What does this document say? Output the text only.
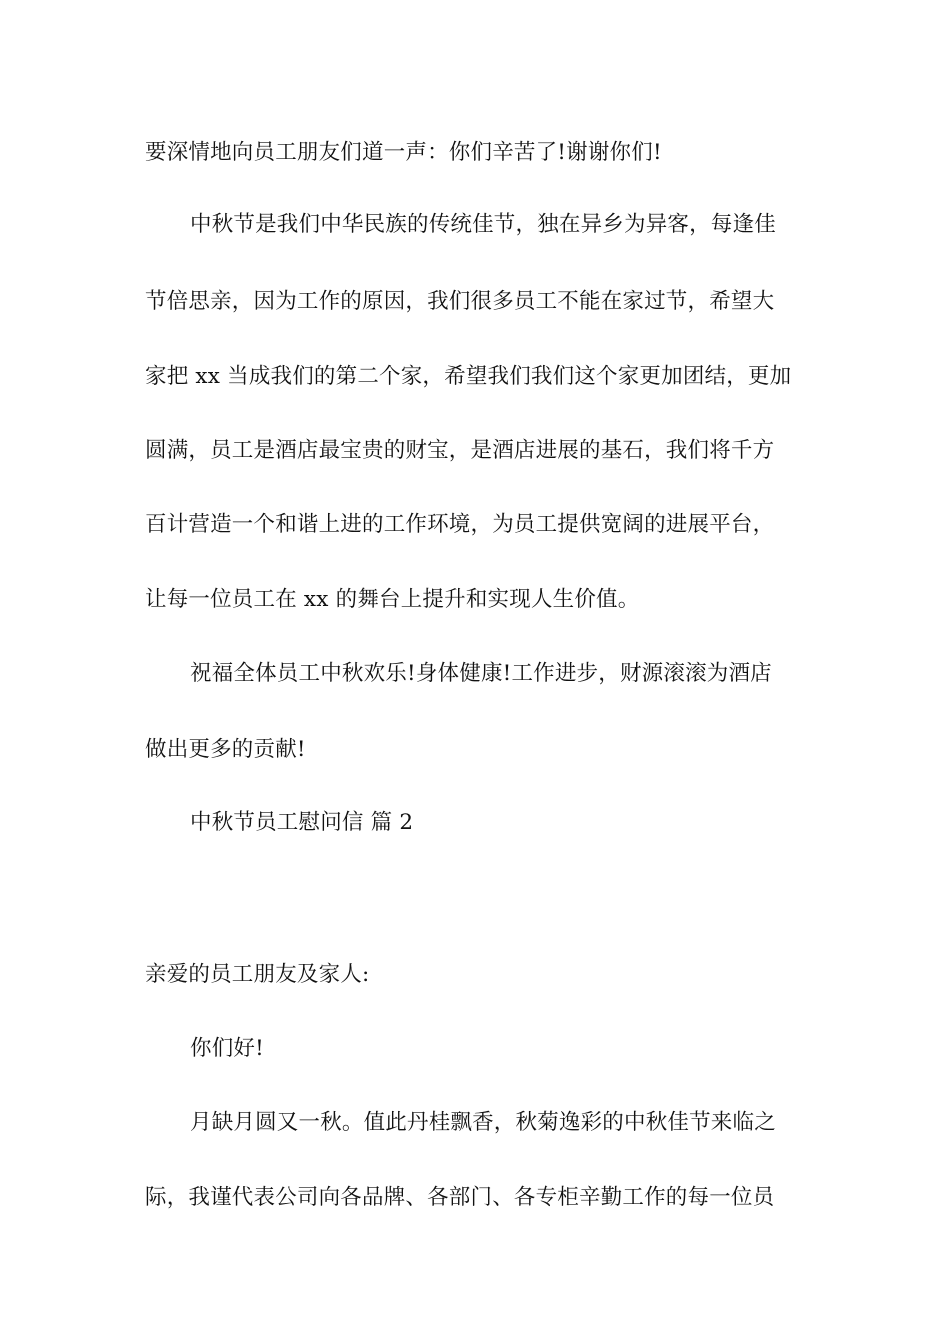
要深情地向员工朋友们道一声：你们辛苦了!谢谢你们!
中秋节是我们中华民族的传统佳节，独在异乡为异客，每逢佳
节倍思亲，因为工作的原因，我们很多员工不能在家过节，希望大
家把 xx 当成我们的第二个家，希望我们我们这个家更加团结，更加
圆满，员工是酒店最宝贵的财宝，是酒店进展的基石，我们将千方
百计营造一个和谐上进的工作环境，为员工提供宽阔的进展平台，
让每一位员工在 xx 的舞台上提升和实现人生价值。
祝福全体员工中秋欢乐!身体健康!工作进步，财源滚滚为酒店
做出更多的贡献!
中秋节员工慰问信 篇 2
亲爱的员工朋友及家人:
你们好!
月缺月圆又一秋。值此丹桂飘香，秋菊逸彩的中秋佳节来临之
际，我谨代表公司向各品牌、各部门、各专柜辛勤工作的每一位员
